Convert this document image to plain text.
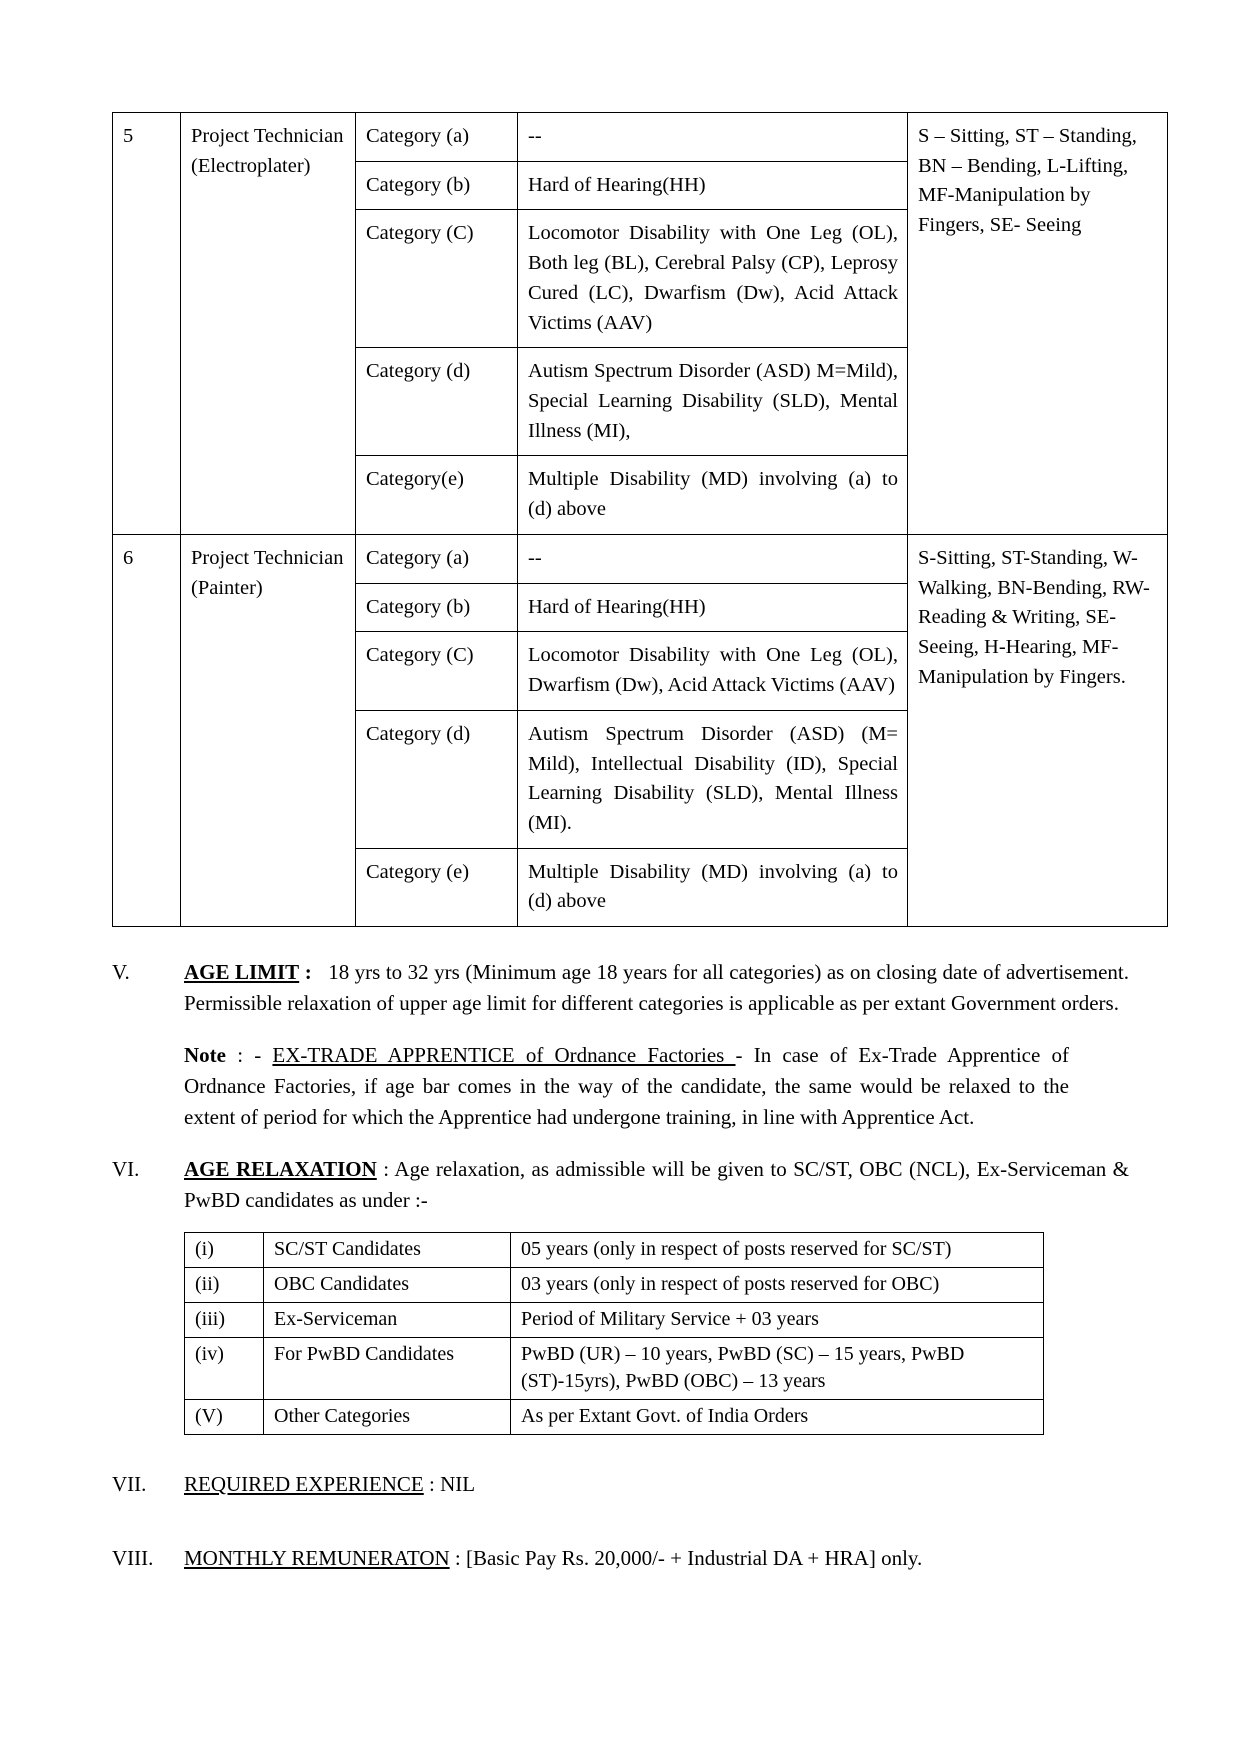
5	Project Technician (Electroplater)	Category (a)	--	S – Sitting, ST – Standing, BN – Bending, L-Lifting, MF-Manipulation by Fingers, SE- Seeing
		Category (b)	Hard of Hearing(HH)	
		Category (C)	Locomotor Disability with One Leg (OL), Both leg (BL), Cerebral Palsy (CP), Leprosy Cured (LC), Dwarfism (Dw), Acid Attack Victims (AAV)	
		Category (d)	Autism Spectrum Disorder (ASD) M=Mild), Special Learning Disability (SLD), Mental Illness (MI),	
		Category(e)	Multiple Disability (MD) involving (a) to (d) above	
6	Project Technician (Painter)	Category (a)	--	S-Sitting, ST-Standing, W-Walking, BN-Bending, RW-Reading & Writing, SE-Seeing, H-Hearing, MF-Manipulation by Fingers.
		Category (b)	Hard of Hearing(HH)	
		Category (C)	Locomotor Disability with One Leg (OL), Dwarfism (Dw), Acid Attack Victims (AAV)	
		Category (d)	Autism Spectrum Disorder (ASD) (M= Mild), Intellectual Disability (ID), Special Learning Disability (SLD), Mental Illness (MI).	
		Category (e)	Multiple Disability (MD) involving (a) to (d) above	
V.	AGE LIMIT : 18 yrs to 32 yrs (Minimum age 18 years for all categories) as on closing date of advertisement. Permissible relaxation of upper age limit for different categories is applicable as per extant Government orders.
Note : - EX-TRADE APPRENTICE of Ordnance Factories - In case of Ex-Trade Apprentice of Ordnance Factories, if age bar comes in the way of the candidate, the same would be relaxed to the extent of period for which the Apprentice had undergone training, in line with Apprentice Act.
VI.	AGE RELAXATION : Age relaxation, as admissible will be given to SC/ST, OBC (NCL), Ex-Serviceman & PwBD candidates as under :-
(i)	SC/ST Candidates	05 years (only in respect of posts reserved for SC/ST)
(ii)	OBC Candidates	03 years (only in respect of posts reserved for OBC)
(iii)	Ex-Serviceman	Period of Military Service + 03 years
(iv)	For PwBD Candidates	PwBD (UR) – 10 years, PwBD (SC) – 15 years, PwBD (ST)-15yrs), PwBD (OBC) – 13 years
(V)	Other Categories	As per Extant Govt. of India Orders
VII.	REQUIRED EXPERIENCE : NIL
VIII.	MONTHLY REMUNERATON : [Basic Pay Rs. 20,000/- + Industrial DA + HRA] only.
